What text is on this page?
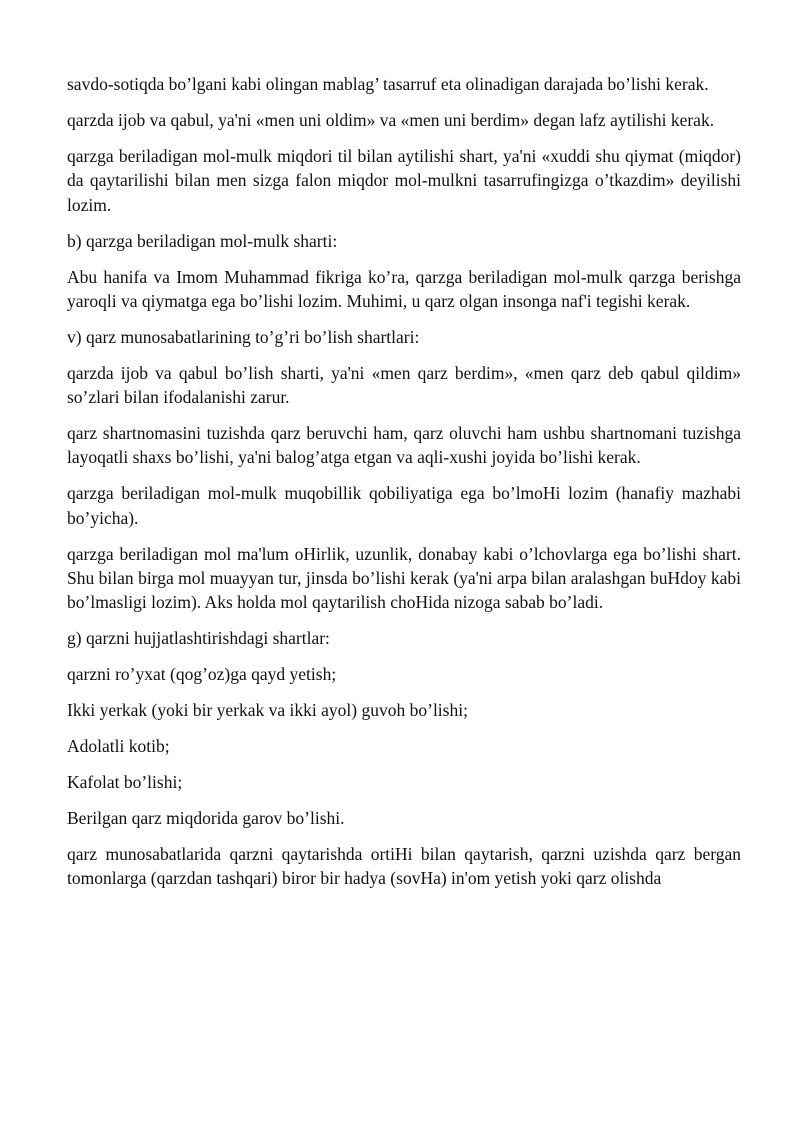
savdo-sotiqda bo’lgani kabi olingan mablag’ tasarruf eta olinadigan darajada bo’lishi kerak.

qarzda ijob va qabul, ya'ni «men uni oldim» va «men uni berdim» degan lafz aytilishi kerak.

qarzga beriladigan mol-mulk miqdori til bilan aytilishi shart, ya'ni «xuddi shu qiymat (miqdor) da qaytarilishi bilan men sizga falon miqdor mol-mulkni tasarrufingizga o’tkazdim» deyilishi lozim.

b) qarzga beriladigan mol-mulk sharti:

Abu hanifa va Imom Muhammad fikriga ko’ra, qarzga beriladigan mol-mulk qarzga berishga yaroqli va qiymatga ega bo’lishi lozim. Muhimi, u qarz olgan insonga naf'i tegishi kerak.

v) qarz munosabatlarining to’g’ri bo’lish shartlari:

qarzda ijob va qabul bo’lish sharti, ya'ni «men qarz berdim», «men qarz deb qabul qildim» so’zlari bilan ifodalanishi zarur.

qarz shartnomasini tuzishda qarz beruvchi ham, qarz oluvchi ham ushbu shartnomani tuzishga layoqatli shaxs bo’lishi, ya'ni balog’atga etgan va aqli-xushi joyida bo’lishi kerak.

qarzga beriladigan mol-mulk muqobillik qobiliyatiga ega bo’lmoHi lozim (hanafiy mazhabi bo’yicha).

qarzga beriladigan mol ma'lum oHirlik, uzunlik, donabay kabi o’lchovlarga ega bo’lishi shart. Shu bilan birga mol muayyan tur, jinsda bo’lishi kerak (ya'ni arpa bilan aralashgan buHdoy kabi bo’lmasligi lozim). Aks holda mol qaytarilish choHida nizoga sabab bo’ladi.

g) qarzni hujjatlashtirishdagi shartlar:

qarzni ro’yxat (qog’oz)ga qayd yetish;

Ikki yerkak (yoki bir yerkak va ikki ayol) guvoh bo’lishi;

Adolatli kotib;

Kafolat bo’lishi;

Berilgan qarz miqdorida garov bo’lishi.

qarz munosabatlarida qarzni qaytarishda ortiHi bilan qaytarish, qarzni uzishda qarz bergan tomonlarga (qarzdan tashqari) biror bir hadya (sovHa) in'om yetish yoki qarz olishda
